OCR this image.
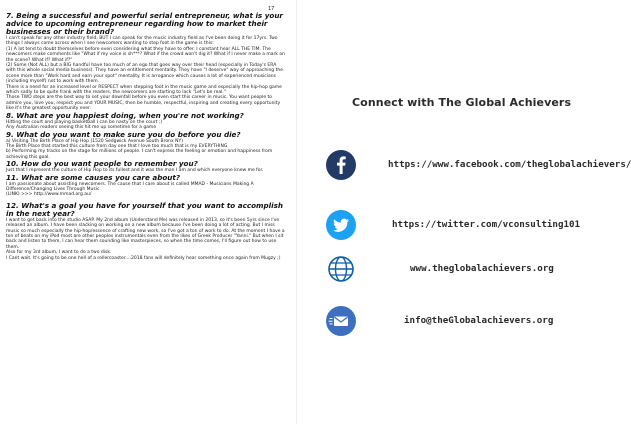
17
7. Being a successful and powerful serial entrepreneur, what is your advice to upcoming entrepreneur regarding how to market their businesses or their brand?
I can't speak for any other industry field, BUT I can speak for the music industry field as I've been doing it for 17yrs. Two things I always come across when I see newcomers wanting to step foot in the game is this:
(1) A lot tend to doubt themselves before even considering what they have to offer. I constant hear ALL THE TIM. The newcomers make comments like "What if my voice is sh***? What if the crowd won't dig it? What if I never make a mark on the scene? What if? What if?"
(2) Some (Not ALL) but a BIG handful have too much of an ego that goes way over their head (especially in Today's ERA with this whole social media business). They have an entitlement mentality. They have "I deserve" way of approaching the scene more than "Work hard and earn your spot" mentality. It is arrogance which causes a lot of experienced musicians (including myself) not to work with them.
There is a need for an increased level or RESPECT when stepping foot in the music game and especially the hip-hop game which sadly to be quite frank with the readers, the newcomers are starting to lack "Let's be real."
Those TWO steps are the best way to set your downfall before you even start this career in music. You want people to admire you, love you, respect you and YOUR MUSIC, then be humble, respectful, inspiring and creating every opportunity like it's the greatest opportunity ever.
8. What are you happiest doing, when you're not working?
Hitting the court and playing basketball I can be nasty on the court ;)
Any Australian readers seeing this hit me up sometime for a game
9. What do you want to make sure you do before you die?
a) Visiting The Birth Place of Hip Hop (1520 Sedgwick Avenue South Bronx NY)
The Birth Place that started this culture from day one that I love too much that is my EVERYTHING
b) Performing my tracks on the stage for millions of people. I can't express the feeling or emotion and happiness from achieving this goal.
10. How do you want people to remember you?
Just that I represent the culture of Hip Hop to its fullest and it was the man I am and which everyone knew me for.
11. What are some causes you care about?
I am passionate about assisting newcomers. The cause that I care about is called MMAD - Musicians Making A Difference/Changing Lives Through Music
(LINK) >>> http://www.mmad.org.au/
12. What's a goal you have for yourself that you want to accomplish in the next year?
I want to get back into the studio ASAP. My 2nd album (Understand Me) was released in 2013, so it's been 5yrs since I've released an album. I have been slacking on working on a new album because I've been doing a lot of acting. But I miss music so much especially the hip-hop/essence of crafting new work, so I've got a ton of work to do. At the moment I have a ton of beats on my iPod most are other peoples instrumentals even from the likes of Greek Producer "Yanni." But when I sit back and listen to them, I can hear them sounding like masterpieces, so when the time comes, I'll figure out how to use them.
Also for my 3rd album, I want to do a two disk.
I Cant wait. It's going to be one hell of a rollercoaster....2018 fans will definitely hear something once again from Mugzy ;)
Connect with The Global Achievers
https://www.facebook.com/theglobalachievers/
https://twitter.com/vconsulting101
www.theglobalachievers.org
info@theGlobalachievers.org
